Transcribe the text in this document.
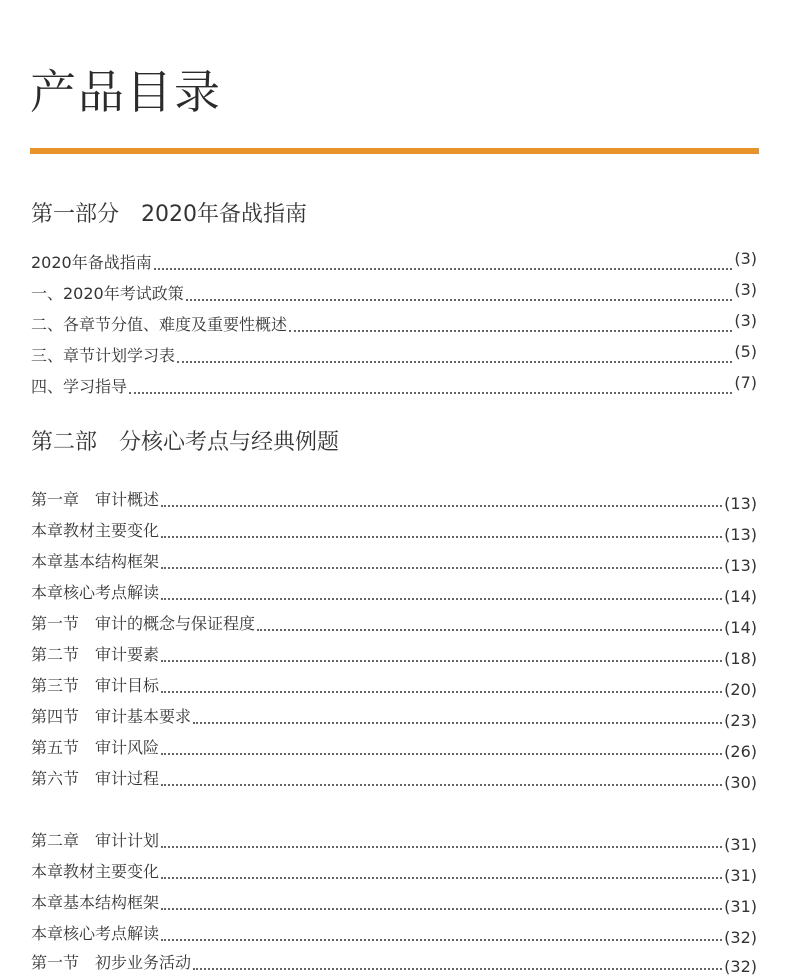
产品目录
第一部分　2020年备战指南
2020年备战指南	(3)
一、2020年考试政策	(3)
二、各章节分值、难度及重要性概述	(3)
三、章节计划学习表	(5)
四、学习指导	(7)
第二部　分核心考点与经典例题
第一章　审计概述	(13)
本章教材主要变化	(13)
本章基本结构框架	(13)
本章核心考点解读	(14)
第一节　审计的概念与保证程度	(14)
第二节　审计要素	(18)
第三节　审计目标	(20)
第四节　审计基本要求	(23)
第五节　审计风险	(26)
第六节　审计过程	(30)
第二章　审计计划	(31)
本章教材主要变化	(31)
本章基本结构框架	(31)
本章核心考点解读	(32)
第一节　初步业务活动	(32)
